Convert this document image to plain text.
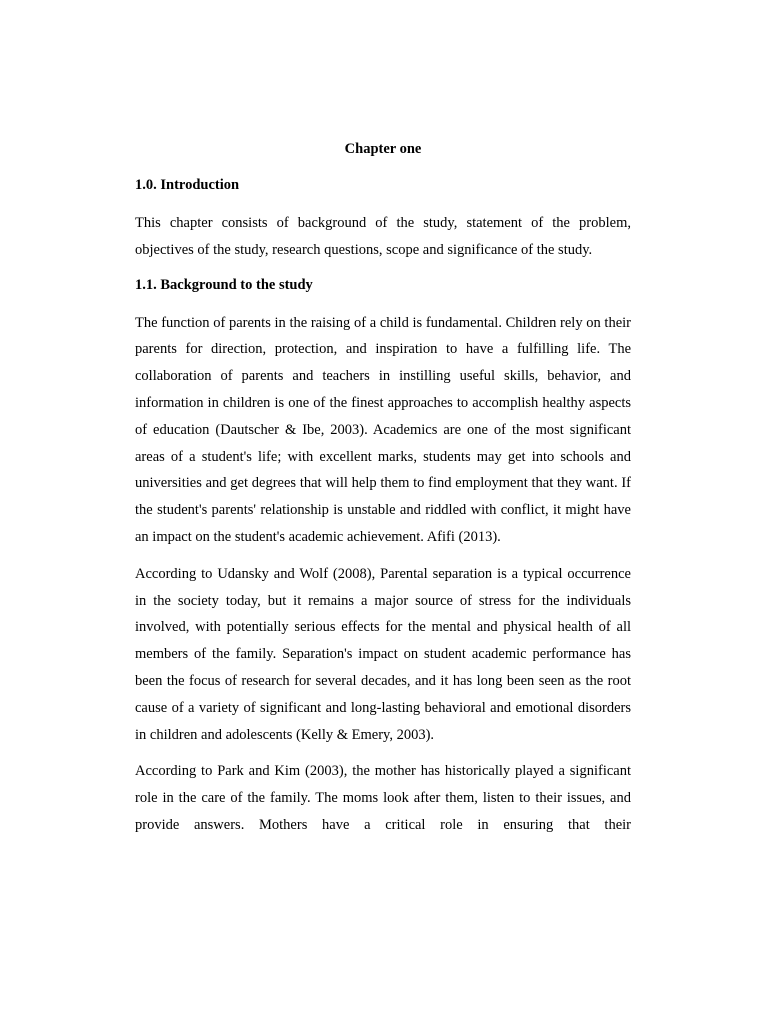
Chapter one
1.0. Introduction

This chapter consists of background of the study, statement of the problem, objectives of the study, research questions, scope and significance of the study.

1.1. Background to the study

The function of parents in the raising of a child is fundamental. Children rely on their parents for direction, protection, and inspiration to have a fulfilling life. The collaboration of parents and teachers in instilling useful skills, behavior, and information in children is one of the finest approaches to accomplish healthy aspects of education (Dautscher & Ibe, 2003). Academics are one of the most significant areas of a student's life; with excellent marks, students may get into schools and universities and get degrees that will help them to find employment that they want. If the student's parents' relationship is unstable and riddled with conflict, it might have an impact on the student's academic achievement. Afifi (2013).

According to Udansky and Wolf (2008), Parental separation is a typical occurrence in the society today, but it remains a major source of stress for the individuals involved, with potentially serious effects for the mental and physical health of all members of the family. Separation's impact on student academic performance has been the focus of research for several decades, and it has long been seen as the root cause of a variety of significant and long-lasting behavioral and emotional disorders in children and adolescents (Kelly & Emery, 2003).

According to Park and Kim (2003), the mother has historically played a significant role in the care of the family. The moms look after them, listen to their issues, and provide answers. Mothers have a critical role in ensuring that their
